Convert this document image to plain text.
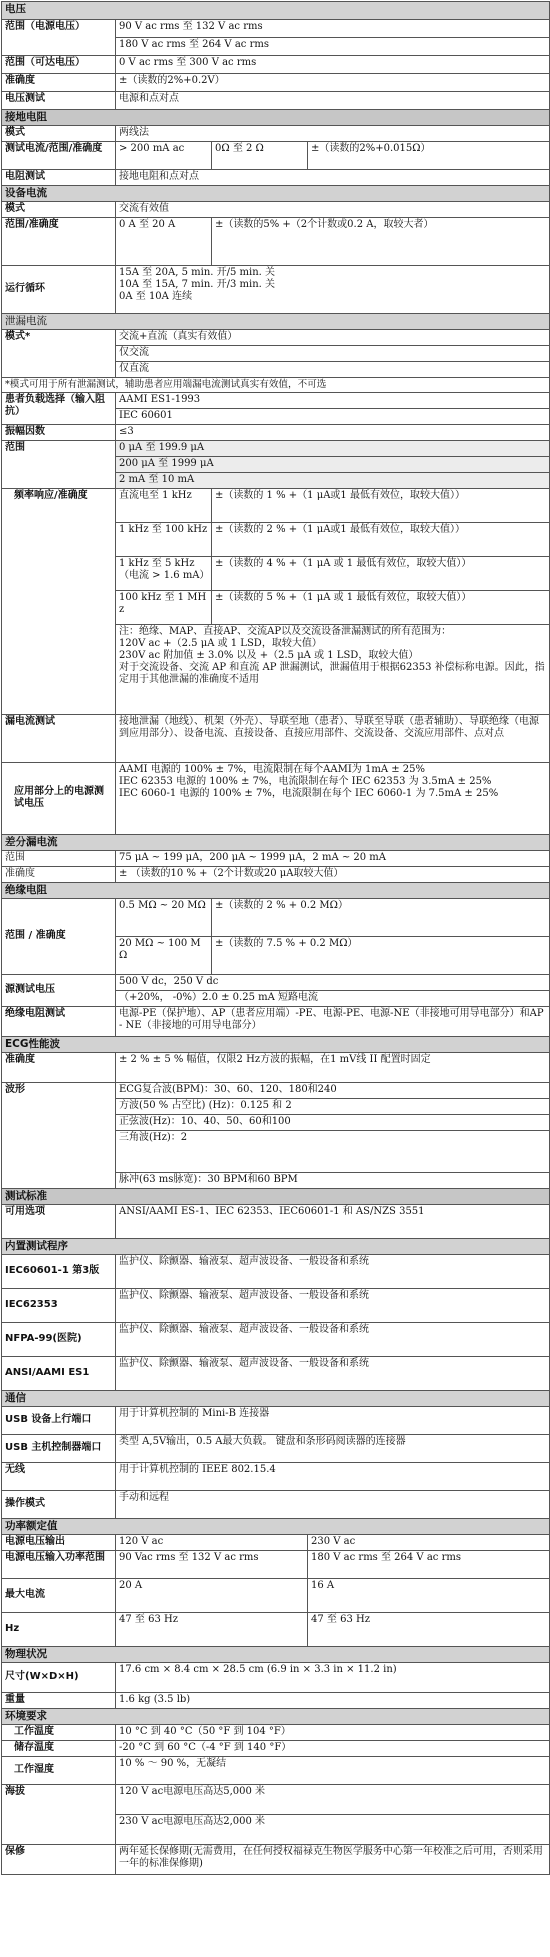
电压			
范围（电源电压）	90 V ac rms 至 132 V ac rms		
	180 V ac rms 至 264 V ac rms		
范围（可达电压）	0 V ac rms 至 300 V ac rms		
准确度	±（读数的2%+0.2V）		
电压测试	电源和点对点		
接地电阻			
模式	两线法		
测试电流/范围/准确度	> 200 mA ac	0Ω 至 2 Ω	±（读数的2%+0.015Ω）
电阻测试	接地电阻和点对点		
设备电流			
模式	交流有效值		
范围/准确度	0 A 至 20 A	±（读数的5% +（2个计数或0.2 A，取较大者）	
运行循环	15A 至 20A, 5 min. 开/5 min. 关
10A 至 15A, 7 min. 开/3 min. 关
0A 至 10A 连续		
泄漏电流			
模式*	交流+直流（真实有效值）		
	仅交流		
	仅直流		
*模式可用于所有泄漏测试，辅助患者应用端漏电流测试真实有效值，不可选			
患者负载选择（输入阻抗）	AAMI ES1-1993		
	IEC 60601		
振幅因数	≤3		
范围	0 μA 至 199.9 μA		
	200 μA 至 1999 μA		
	2 mA 至 10 mA		
频率响应/准确度	直流电至 1 kHz	±（读数的 1 % +（1 μA或1 最低有效位，取较大值））	
	1 kHz 至 100 kHz	±（读数的 2 % +（1 μA或1 最低有效位，取较大值））	
	1 kHz 至 5 kHz（电流 > 1.6 mA）	±（读数的 4 % +（1 μA 或 1 最低有效位，取较大值））	
	100 kHz 至 1 MHz	±（读数的 5 % +（1 μA 或 1 最低有效位，取较大值））	
	注：绝缘、MAP、直接AP、交流AP以及交流设备泄漏测试的所有范围为：
120V ac +（2.5 μA 或 1 LSD，取较大值）
230V ac 附加值 ± 3.0% 以及 +（2.5 μA 或 1 LSD，取较大值）
对于交流设备、交流 AP 和直流 AP 泄漏测试，泄漏值用于根据62353 补偿标称电源。因此，指定用于其他泄漏的准确度不适用		
漏电流测试	接地泄漏（地线）、机架（外壳）、导联至地（患者）、导联至导联（患者辅助）、导联绝缘（电源到应用部分）、设备电流、直接设备、直接应用部件、交流设备、交流应用部件、点对点		
应用部分上的电源测试电压	AAMI 电源的 100% ± 7%，电流限制在每个AAMI为 1mA ± 25%
IEC 62353 电源的 100% ± 7%，电流限制在每个 IEC 62353 为 3.5mA ± 25%
IEC 6060-1 电源的 100% ± 7%，电流限制在每个 IEC 6060-1 为 7.5mA ± 25%		
差分漏电流			
范围	75 μA ~ 199 μA，200 μA ~ 1999 μA，2 mA ~ 20 mA		
准确度	± （读数的10 % +（2个计数或20 μA取较大值）		
绝缘电阻			
范围 / 准确度	0.5 MΩ ~ 20 MΩ	±（读数的 2 % + 0.2 MΩ）	
	20 MΩ ~ 100 MΩ	±（读数的 7.5 % + 0.2 MΩ）	
源测试电压	500 V dc，250 V dc		
	（+20%， -0%）2.0 ± 0.25 mA 短路电流		
绝缘电阻测试	电源-PE（保护地）、AP（患者应用端）-PE、电源-PE、电源-NE（非接地可用导电部分）和AP- NE（非接地的可用导电部分）		
ECG性能波			
准确度	± 2 % ± 5 % 幅值，仅限2 Hz方波的振幅，在1 mV线 II 配置时固定		
波形	ECG复合波(BPM)：30、60、120、180和240		
	方波(50 % 占空比) (Hz)：0.125 和 2		
	正弦波(Hz)：10、40、50、60和100		
	三角波(Hz)：2		
	脉冲(63 ms脉宽)：30 BPM和60 BPM		
测试标准			
可用选项	ANSI/AAMI ES-1、IEC 62353、IEC60601-1 和 AS/NZS 3551		
内置测试程序			
IEC60601-1 第3版	监护仪、除颤器、输液泵、超声波设备、一般设备和系统		
IEC62353	监护仪、除颤器、输液泵、超声波设备、一般设备和系统		
NFPA-99(医院)	监护仪、除颤器、输液泵、超声波设备、一般设备和系统		
ANSI/AAMI ES1	监护仪、除颤器、输液泵、超声波设备、一般设备和系统		
通信			
USB 设备上行端口	用于计算机控制的 Mini-B 连接器		
USB 主机控制器端口	类型 A,5V输出，0.5 A最大负载。 键盘和条形码阅读器的连接器		
无线	用于计算机控制的 IEEE 802.15.4		
操作模式	手动和远程		
功率额定值			
电源电压输出	120 V ac		230 V ac
电源电压输入功率范围	90 Vac rms 至 132 V ac rms		180 V ac rms 至 264 V ac rms
最大电流	20 A		16 A
Hz	47 至 63 Hz		47 至 63 Hz
物理状况			
尺寸(W×D×H)	17.6 cm × 8.4 cm × 28.5 cm (6.9 in × 3.3 in × 11.2 in)		
重量	1.6 kg (3.5 lb)		
环境要求			
工作温度	10 °C 到 40 °C（50 °F 到 104 °F）		
储存温度	-20 °C 到 60 °C（-4 °F 到 140 °F）		
工作湿度	10 % ～ 90 %，无凝结		
海拔	120 V ac电源电压高达5,000 米		
	230 V ac电源电压高达2,000 米		
保修	两年延长保修期(无需费用，在任何授权福禄克生物医学服务中心第一年校准之后可用，否则采用一年的标准保修期)		
